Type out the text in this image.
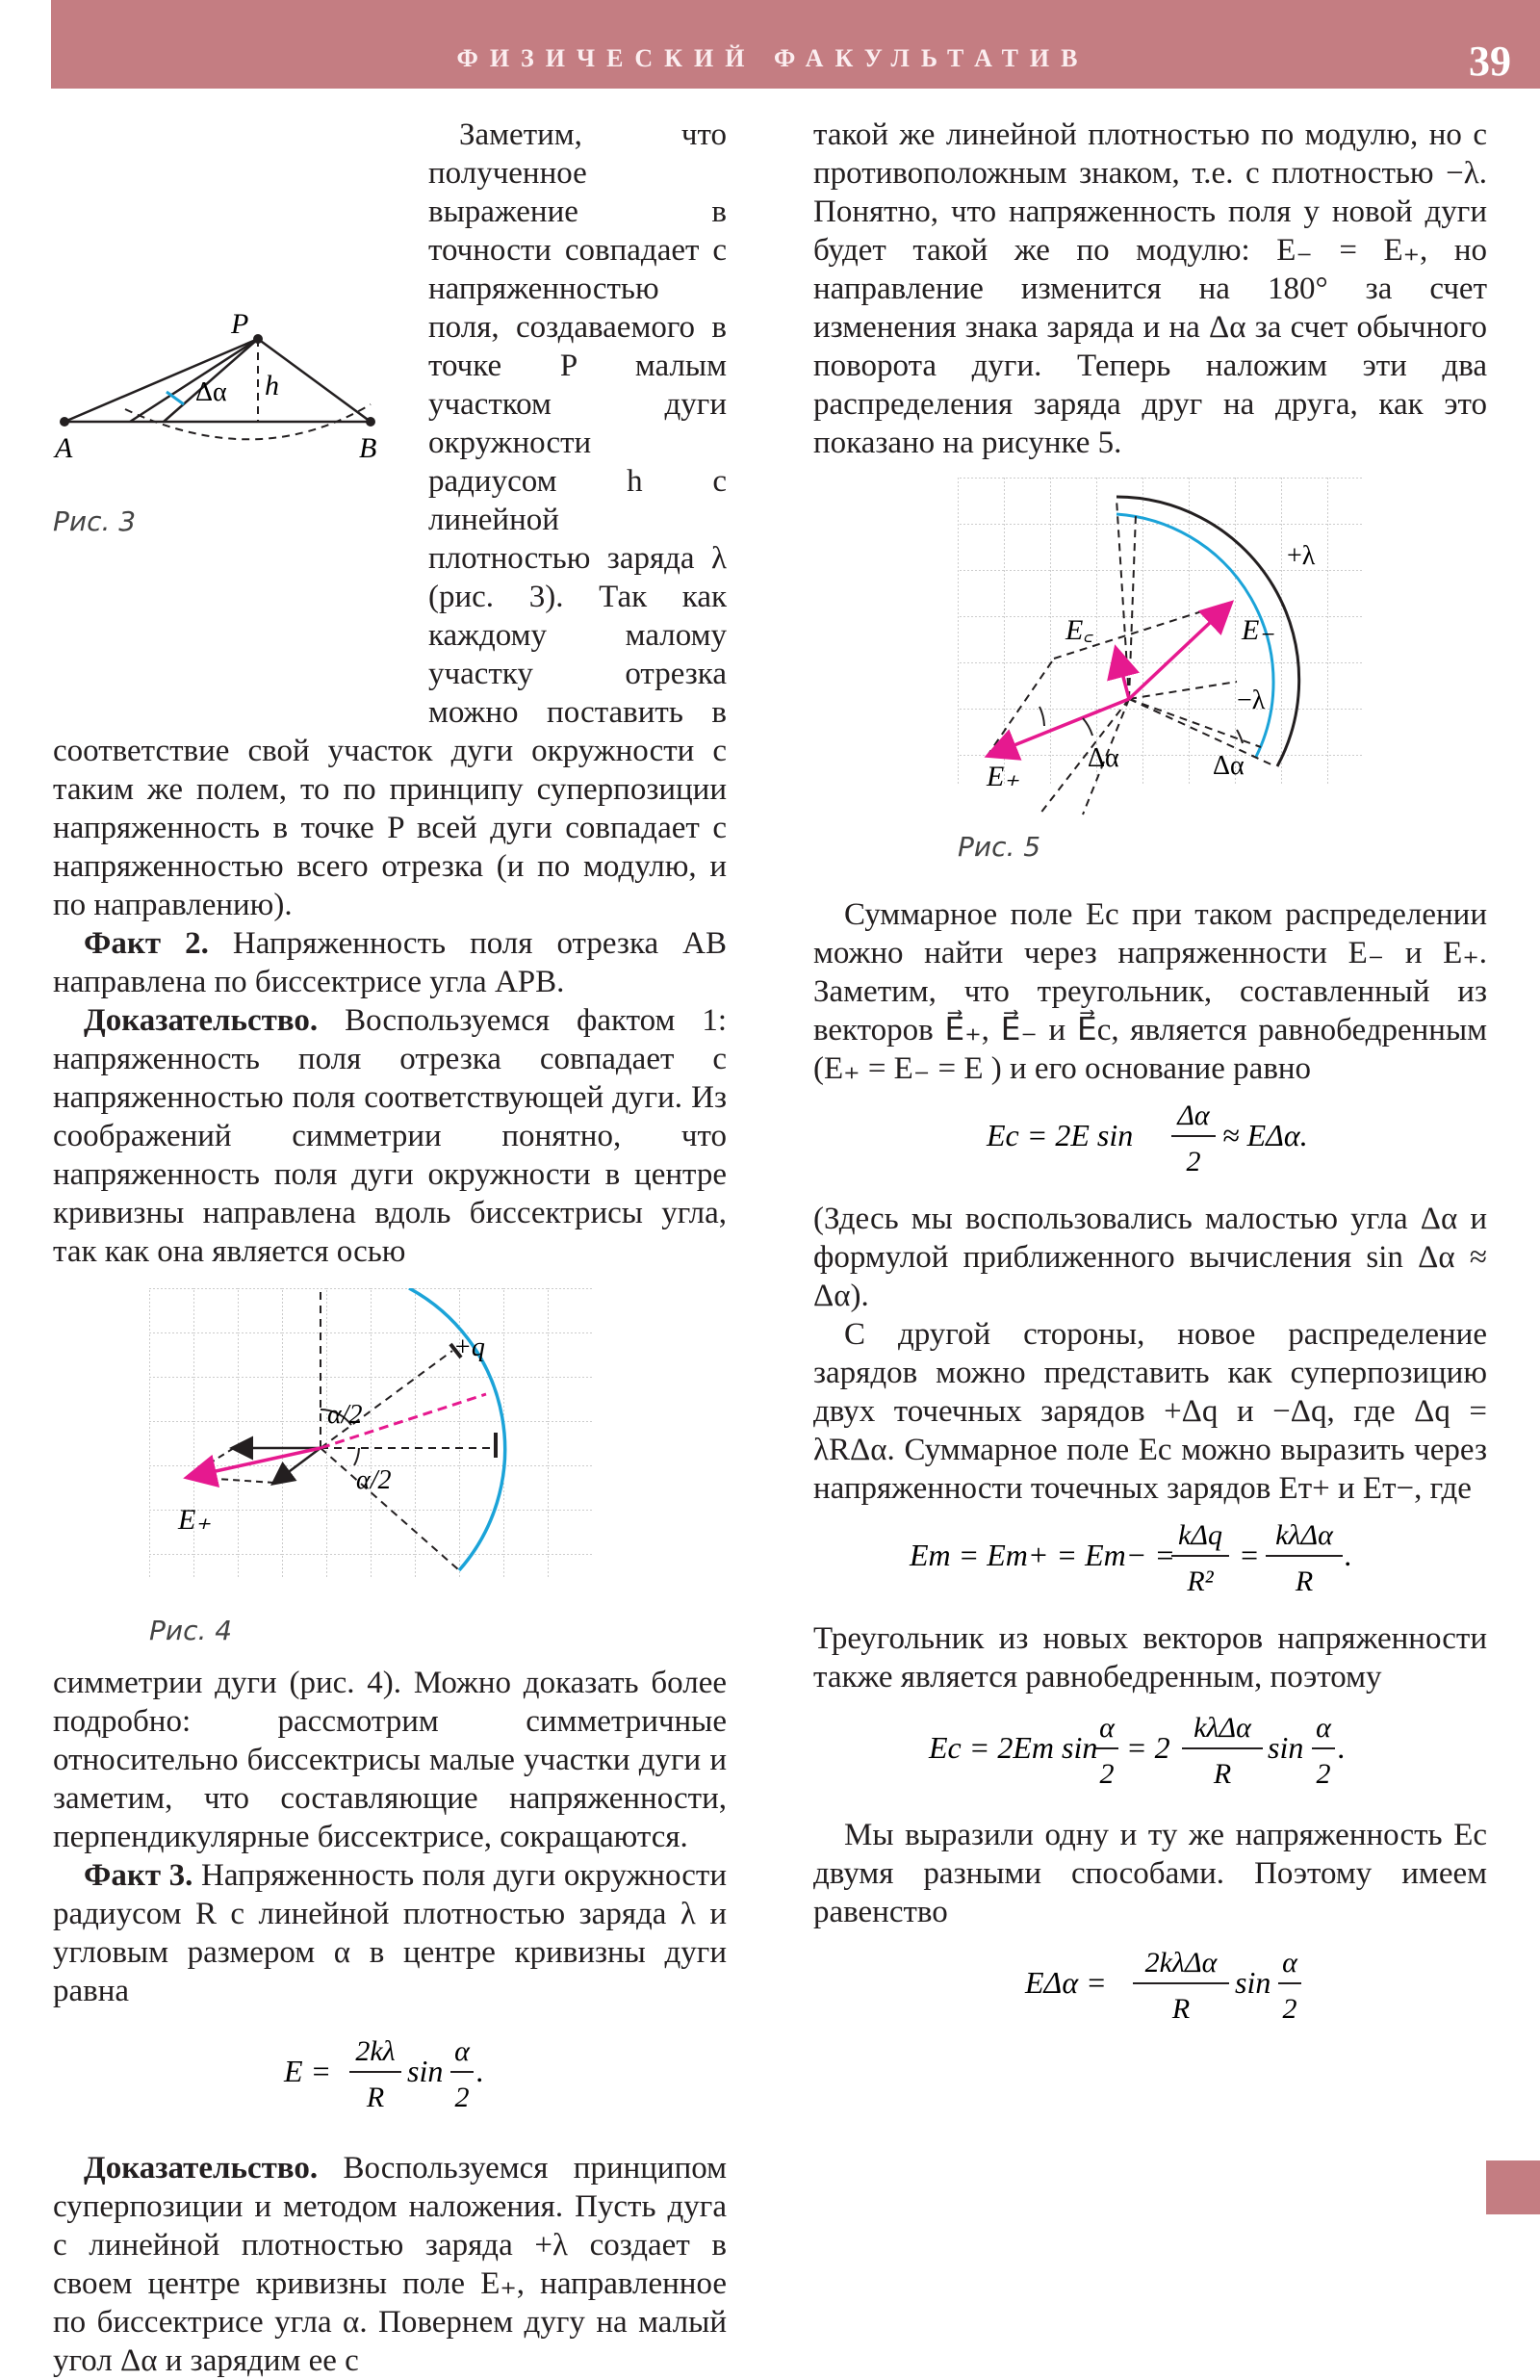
ФИЗИЧЕСКИЙ ФАКУЛЬТАТИВ	39
P
A	B
h
Δα
Рис. 3

Заметим, что полученное выражение в точности совпадает с напряженностью поля, создаваемого в точке P малым участком дуги окружности радиусом h с линейной плотностью заряда λ (рис. 3). Так как каждому малому участку отрезка можно поставить в соответствие свой участок дуги окружности с таким же полем, то по принципу суперпозиции напряженность в точке P всей дуги совпадает с напряженностью всего отрезка (и по модулю, и по направлению).

Факт 2. Напряженность поля отрезка AB направлена по биссектрисе угла APB.

Доказательство. Воспользуемся фактом 1: напряженность поля отрезка совпадает с напряженностью поля соответствующей дуги. Из соображений симметрии понятно, что напряженность поля дуги окружности в центре кривизны направлена вдоль биссектрисы угла, так как она является осью

+q
α/2
α/2
E₊
Рис. 4

симметрии дуги (рис. 4). Можно доказать более подробно: рассмотрим симметричные относительно биссектрисы малые участки дуги и заметим, что составляющие напряженности, перпендикулярные биссектрисе, сокращаются.

Факт 3. Напряженность поля дуги окружности радиусом R с линейной плотностью заряда λ и угловым размером α в центре кривизны дуги равна

E =
2kλ
R
sin
α
2
.

Доказательство. Воспользуемся принципом суперпозиции и методом наложения. Пусть дуга с линейной плотностью заряда +λ создает в своем центре кривизны поле E₊, направленное по биссектрисе угла α. Повернем дугу на малый угол Δα и зарядим ее с

такой же линейной плотностью по модулю, но с противоположным знаком, т.е. с плотностью −λ. Понятно, что напряженность поля у новой дуги будет такой же по модулю: E₋ = E₊, но направление изменится на 180° за счет изменения знака заряда и на Δα за счет обычного поворота дуги. Теперь наложим эти два распределения заряда друг на друга, как это показано на рисунке 5.

+λ
−λ
E₋
E꜀
E₊
Δα	Δα
Рис. 5

Суммарное поле Eс при таком распределении можно найти через напряженности E₋ и E₊. Заметим, что треугольник, составленный из векторов E⃗₊, E⃗₋ и E⃗с, является равнобедренным (E₊ = E₋ = E ) и его основание равно

Eс = 2E sin
Δα
2
≈ EΔα.

(Здесь мы воспользовались малостью угла Δα и формулой приближенного вычисления sin Δα ≈ Δα).

С другой стороны, новое распределение зарядов можно представить как суперпозицию двух точечных зарядов +Δq и −Δq, где Δq = λRΔα. Суммарное поле Eс можно выразить через напряженности точечных зарядов Eт+ и Eт−, где

Eт = Eт+ = Eт− =
kΔq
R²
=
kλΔα
R
.

Треугольник из новых векторов напряженности также является равнобедренным, поэтому

Eс = 2Eт sin
α
2
= 2
kλΔα
R
sin
α
2
.

Мы выразили одну и ту же напряженность Eс двумя разными способами. Поэтому имеем равенство

EΔα =
2kλΔα
R
sin
α
2
